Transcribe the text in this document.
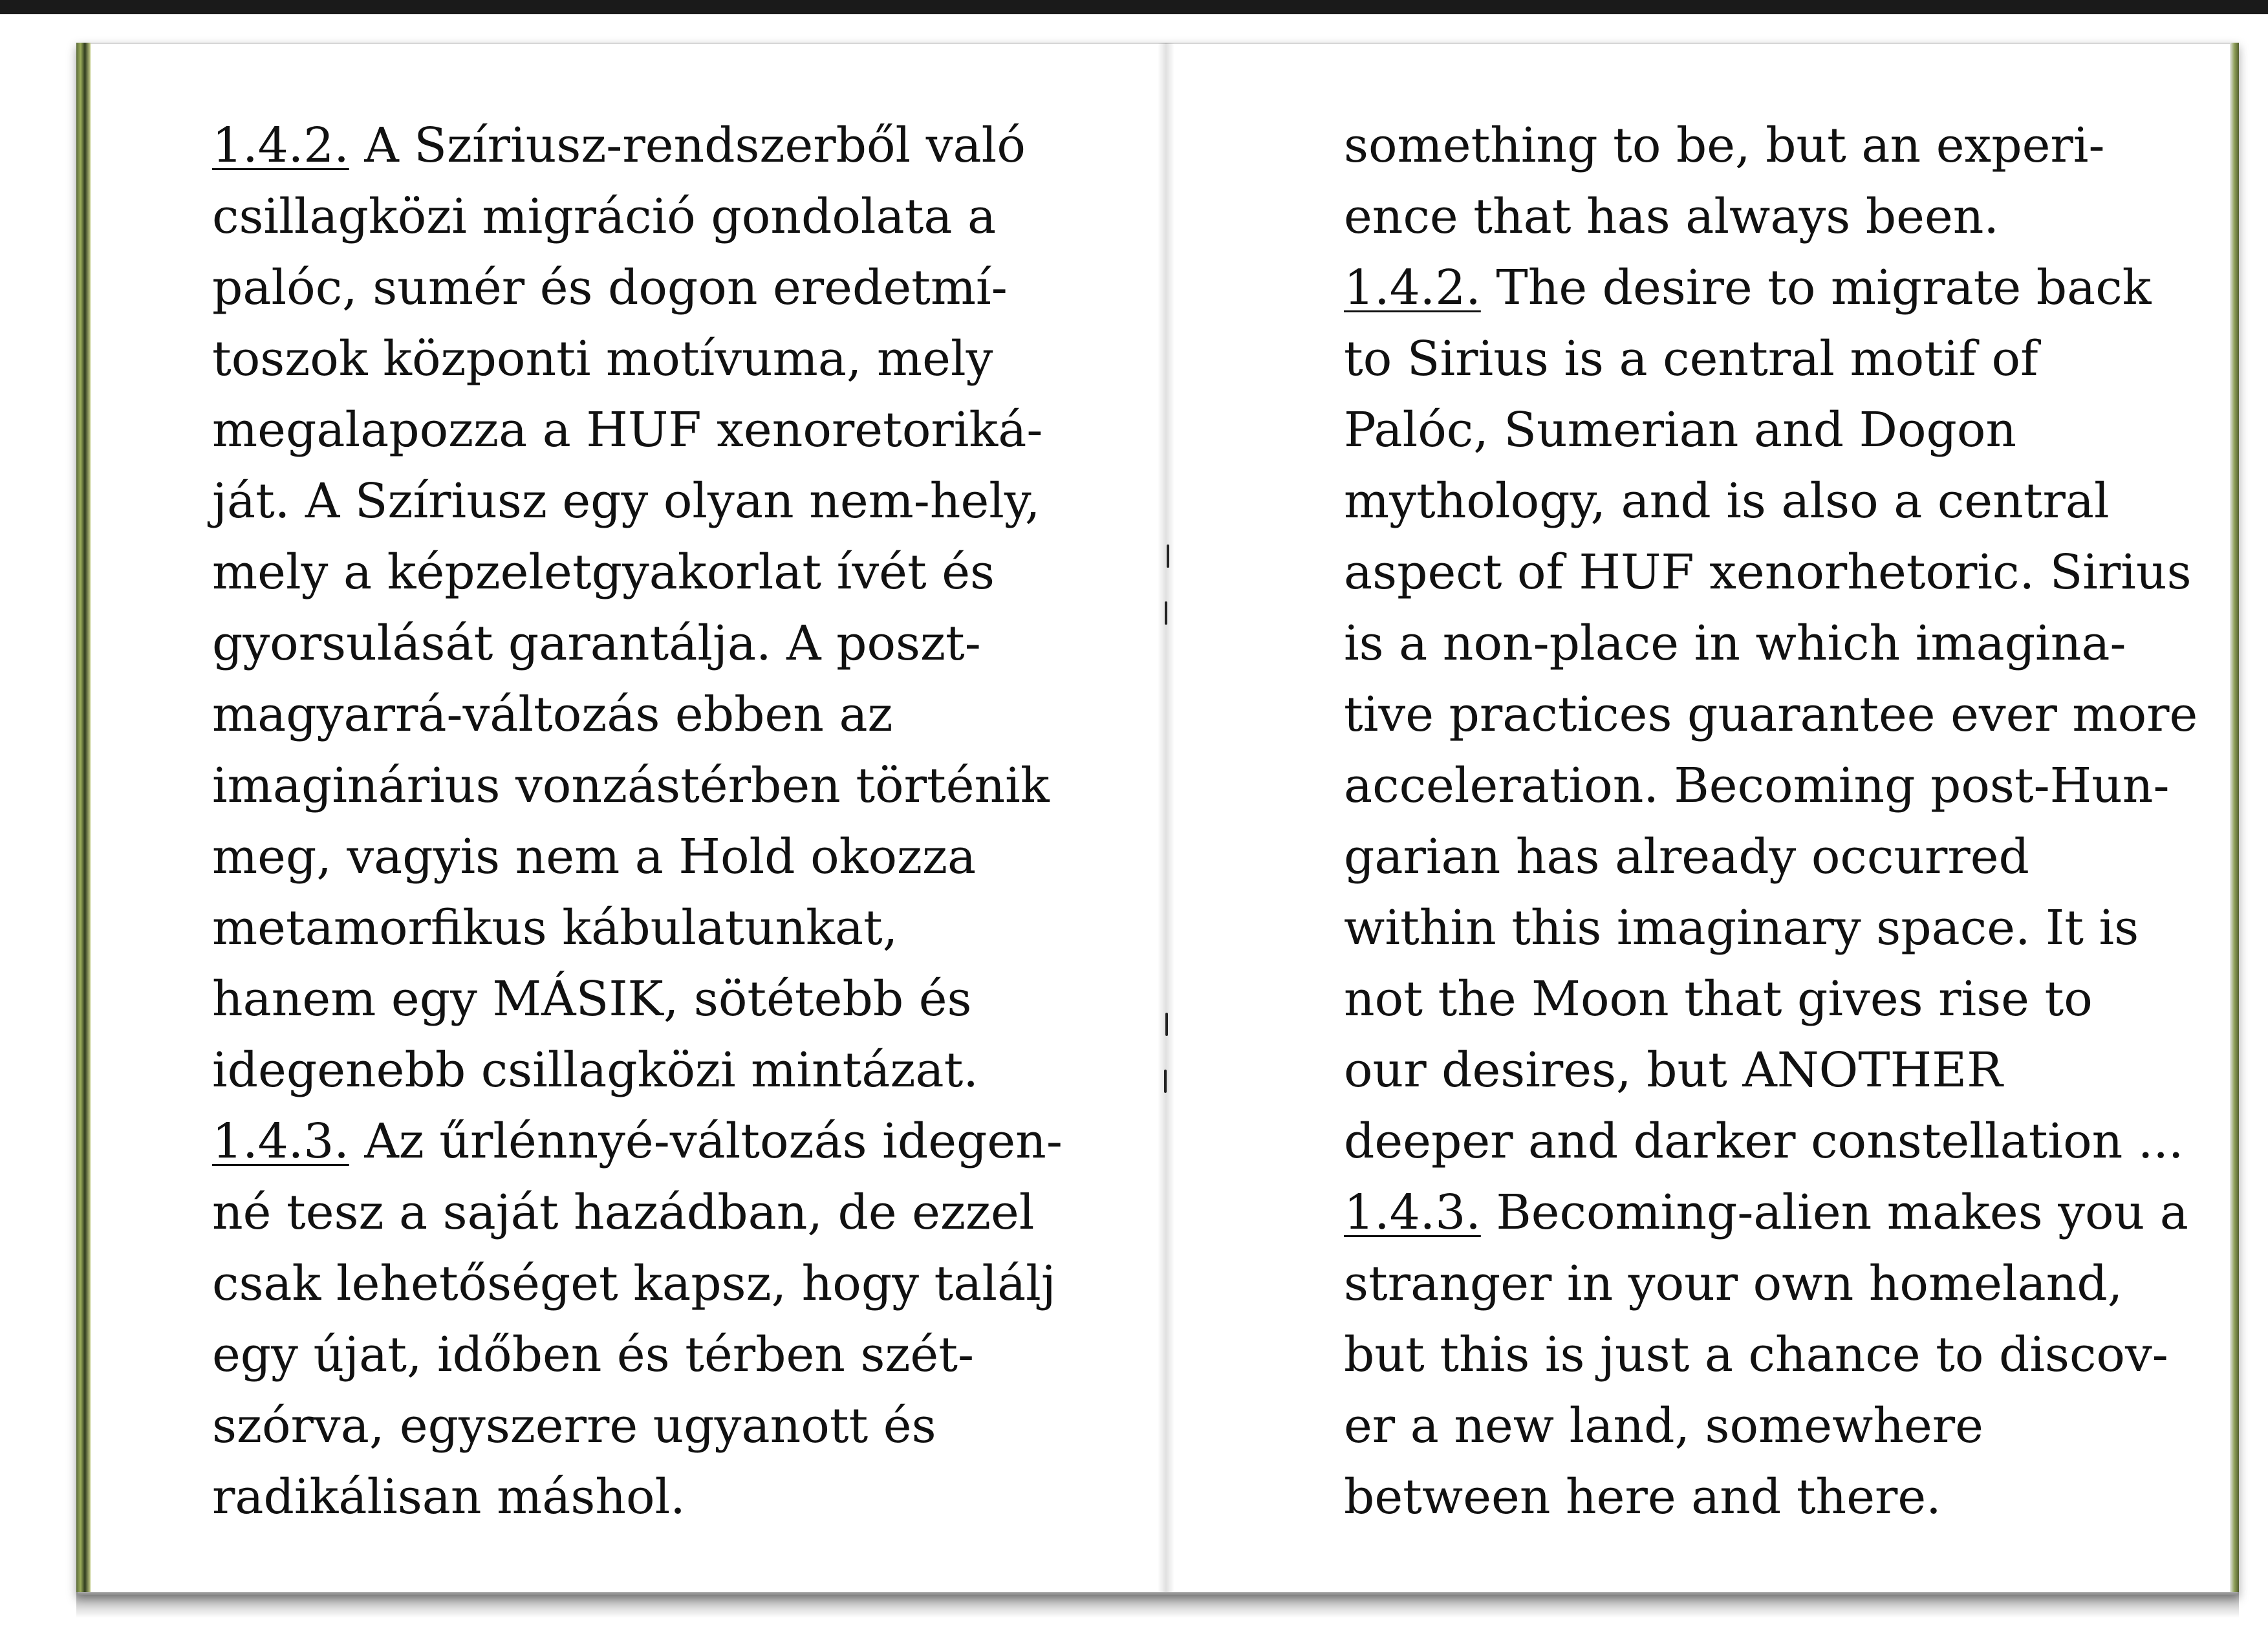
1.4.2. A Szíriusz-rendszerből való
csillagközi migráció gondolata a
palóc, sumér és dogon eredetmí-
toszok központi motívuma, mely
megalapozza a HUF xenoretoriká-
ját. A Szíriusz egy olyan nem-hely,
mely a képzeletgyakorlat ívét és
gyorsulását garantálja. A poszt-
magyarrá-változás ebben az
imaginárius vonzástérben történik
meg, vagyis nem a Hold okozza
metamorfikus kábulatunkat,
hanem egy MÁSIK, sötétebb és
idegenebb csillagközi mintázat.
1.4.3. Az űrlénnyé-változás idegen-
né tesz a saját hazádban, de ezzel
csak lehetőséget kapsz, hogy találj
egy újat, időben és térben szét-
szórva, egyszerre ugyanott és
radikálisan máshol.
something to be, but an experi-
ence that has always been.
1.4.2. The desire to migrate back
to Sirius is a central motif of
Palóc, Sumerian and Dogon
mythology, and is also a central
aspect of HUF xenorhetoric. Sirius
is a non-place in which imagina-
tive practices guarantee ever more
acceleration. Becoming post-Hun-
garian has already occurred
within this imaginary space. It is
not the Moon that gives rise to
our desires, but ANOTHER
deeper and darker constellation ...
1.4.3. Becoming-alien makes you a
stranger in your own homeland,
but this is just a chance to discov-
er a new land, somewhere
between here and there.
